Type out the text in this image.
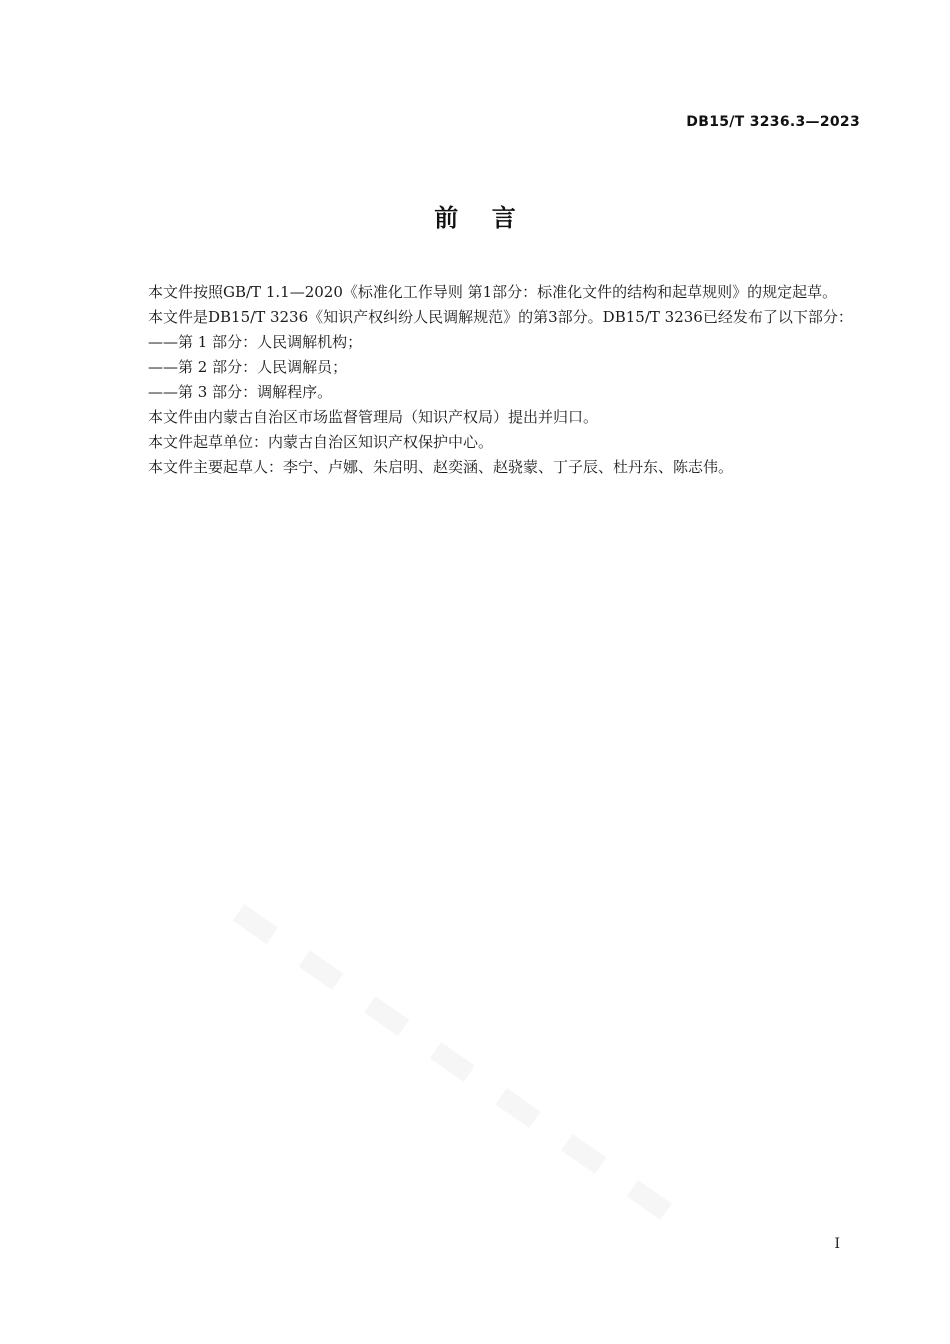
DB15/T 3236.3—2023
前    言

本文件按照GB/T 1.1—2020《标准化工作导则 第1部分：标准化文件的结构和起草规则》的规定起草。

本文件是DB15/T 3236《知识产权纠纷人民调解规范》的第3部分。DB15/T 3236已经发布了以下部分：

——第 1 部分：人民调解机构；

——第 2 部分：人民调解员；

——第 3 部分：调解程序。

本文件由内蒙古自治区市场监督管理局（知识产权局）提出并归口。

本文件起草单位：内蒙古自治区知识产权保护中心。

本文件主要起草人：李宁、卢娜、朱启明、赵奕涵、赵骁蒙、丁子辰、杜丹东、陈志伟。

I
